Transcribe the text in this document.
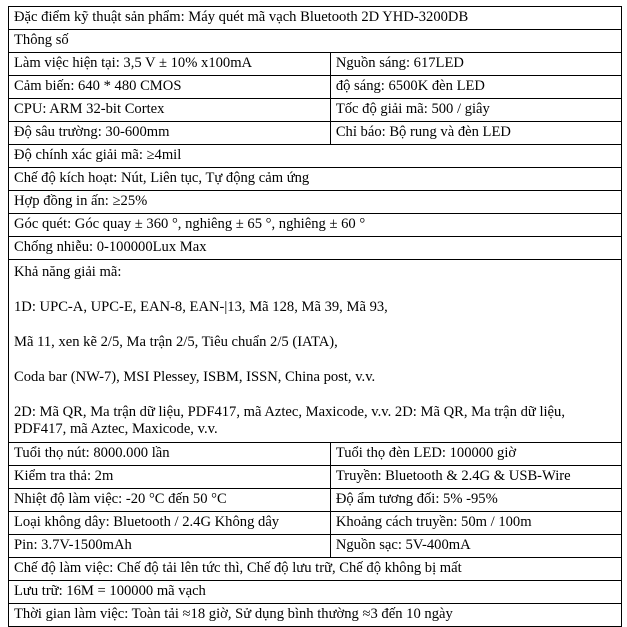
Đặc điểm kỹ thuật sản phẩm: Máy quét mã vạch Bluetooth 2D YHD-3200DB	
Thông số	
Làm việc hiện tại: 3,5 V ± 10% x100mA	Nguồn sáng: 617LED
Cảm biến: 640 * 480 CMOS	độ sáng: 6500K đèn LED
CPU: ARM 32-bit Cortex	Tốc độ giải mã: 500 / giây
Độ sâu trường: 30-600mm	Chỉ báo: Bộ rung và đèn LED
Độ chính xác giải mã: ≥4mil	
Chế độ kích hoạt: Nút, Liên tục, Tự động cảm ứng	
Hợp đồng in ấn: ≥25%	
Góc quét: Góc quay ± 360 °, nghiêng ± 65 °, nghiêng ± 60 °	
Chống nhiễu: 0-100000Lux Max	

Khả năng giải mã:

1D: UPC-A, UPC-E, EAN-8, EAN-|13, Mã 128, Mã 39, Mã 93,

Mã 11, xen kẽ 2/5, Ma trận 2/5, Tiêu chuẩn 2/5 (IATA),

Coda bar (NW-7), MSI Plessey, ISBM, ISSN, China post, v.v.

2D: Mã QR, Ma trận dữ liệu, PDF417, mã Aztec, Maxicode, v.v. 2D: Mã QR, Ma trận dữ liệu, PDF417, mã Aztec, Maxicode, v.v.	

Tuổi thọ nút: 8000.000 lần	Tuổi thọ đèn LED: 100000 giờ
Kiểm tra thả: 2m	Truyền: Bluetooth & 2.4G & USB-Wire
Nhiệt độ làm việc: -20 °C đến 50 °C	Độ ẩm tương đối: 5% -95%
Loại không dây: Bluetooth / 2.4G Không dây	Khoảng cách truyền: 50m / 100m
Pin: 3.7V-1500mAh	Nguồn sạc: 5V-400mA
Chế độ làm việc: Chế độ tải lên tức thì, Chế độ lưu trữ, Chế độ không bị mất	
Lưu trữ: 16M = 100000 mã vạch	
Thời gian làm việc: Toàn tải ≈18 giờ, Sử dụng bình thường ≈3 đến 10 ngày	
